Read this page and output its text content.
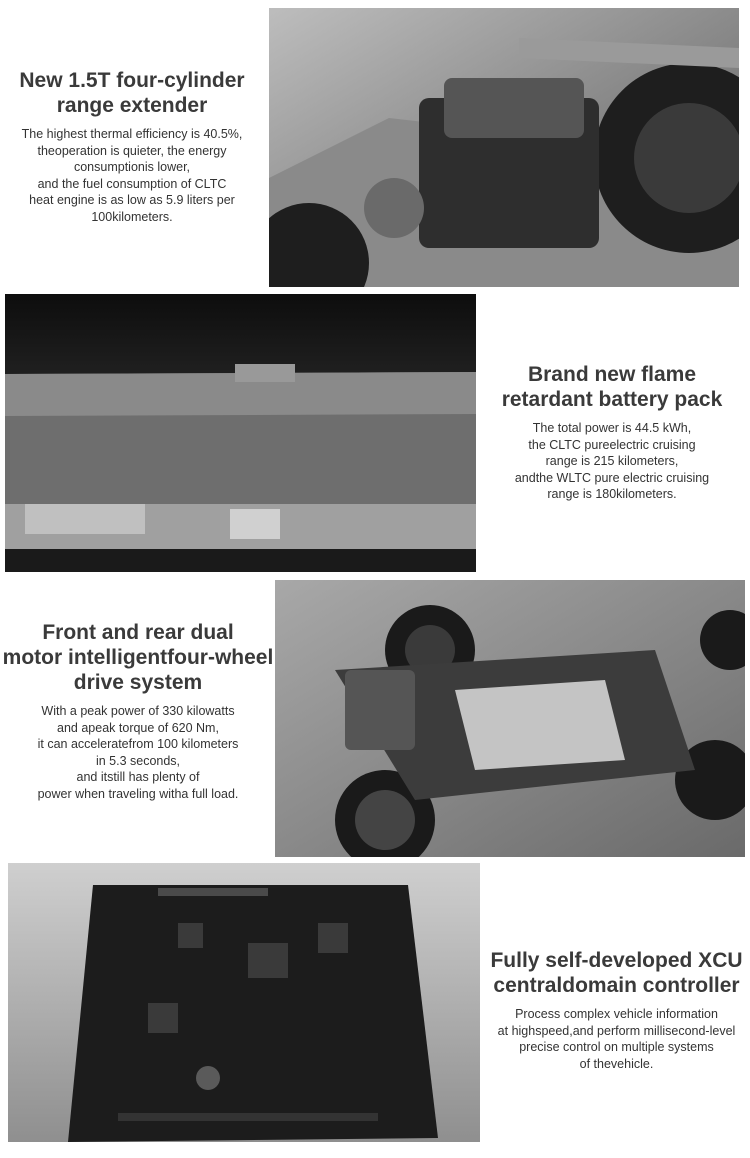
New 1.5T four-cylinder
range extender
The highest thermal efficiency is 40.5%,
theoperation is quieter, the energy
consumptionis lower,
and the fuel consumption of CLTC
heat engine is as low as 5.9 liters per
100kilometers.
Brand new flame
retardant battery pack
The total power is 44.5 kWh,
the CLTC pureelectric cruising
range is 215 kilometers,
andthe WLTC pure electric cruising
range is 180kilometers.
Front and rear dual
motor intelligentfour-wheel
drive system
With a peak power of 330 kilowatts
and apeak torque of 620 Nm,
it can acceleratefrom 100 kilometers
in 5.3 seconds,
and itstill has plenty of
power when traveling witha full load.
Fully self-developed XCU
centraldomain controller
Process complex vehicle information
at highspeed,and perform millisecond-level
precise control on multiple systems
of thevehicle.
